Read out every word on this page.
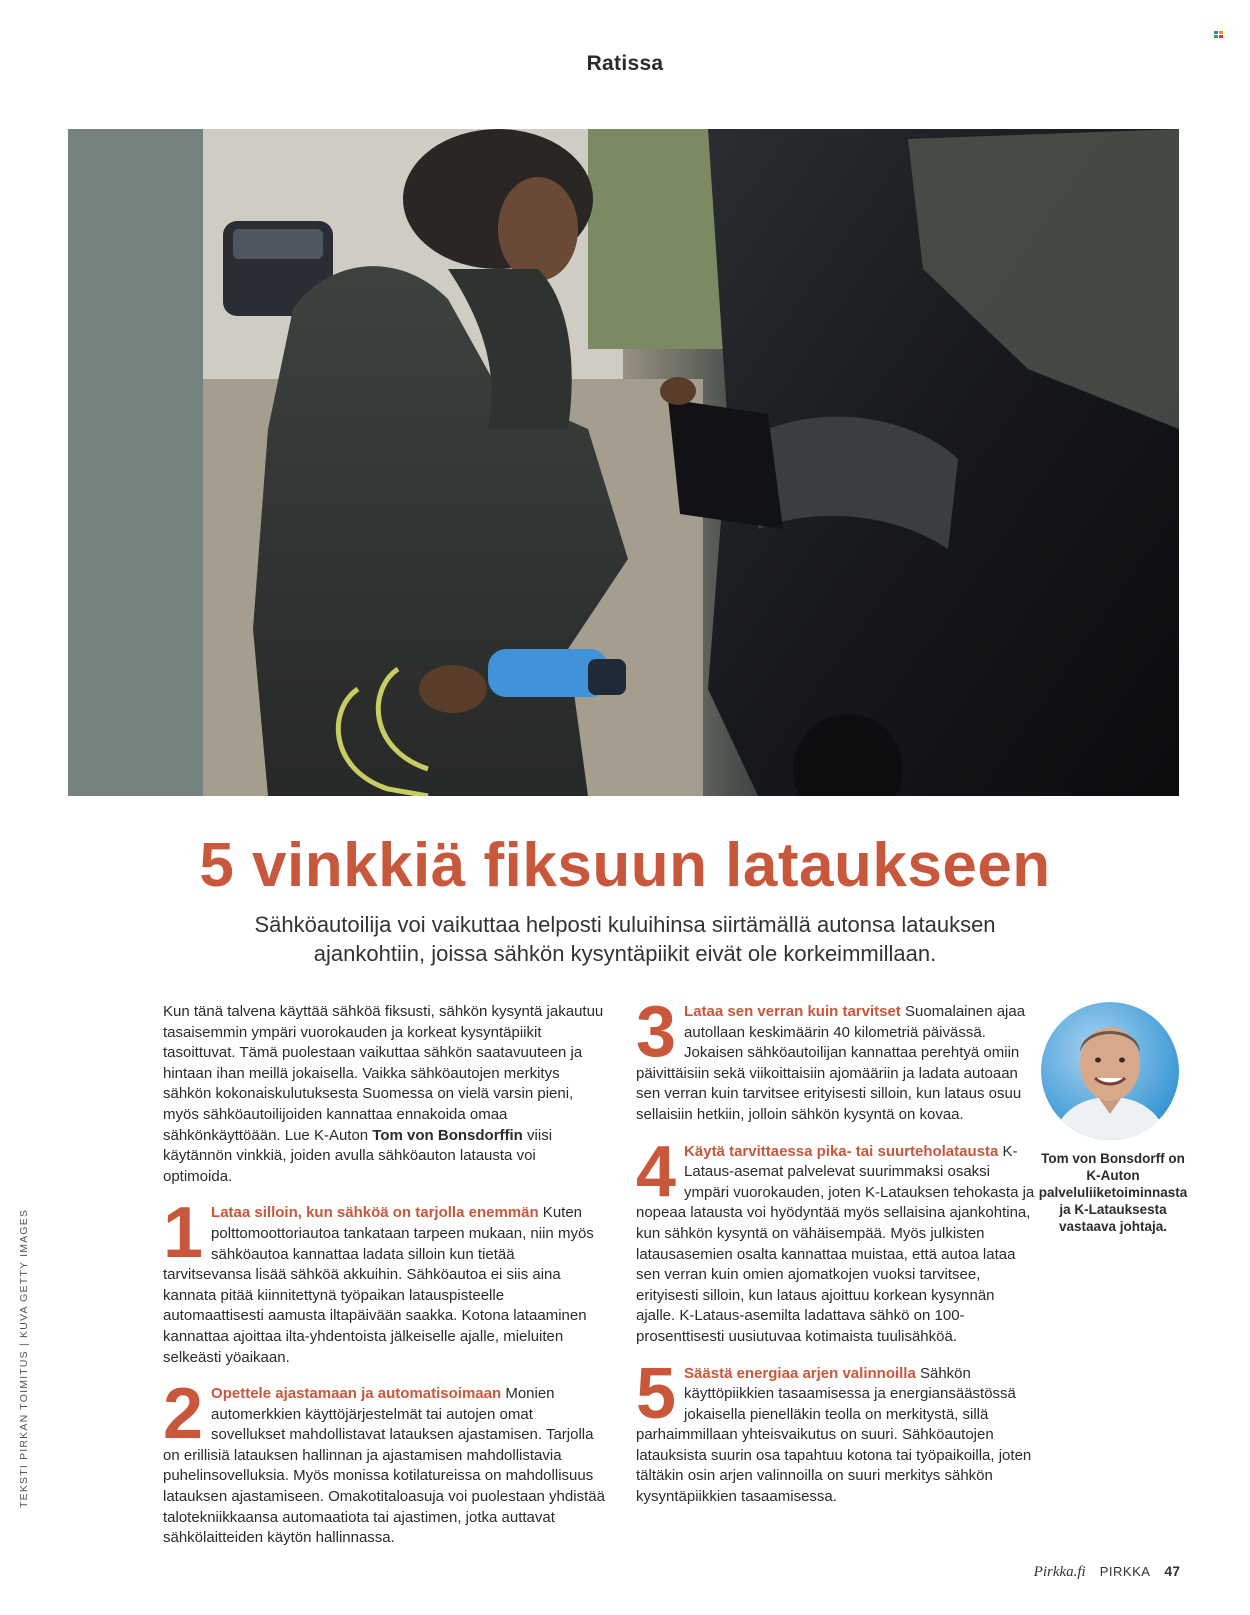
Ratissa
5 vinkkiä fiksuun lataukseen
Sähköautoilija voi vaikuttaa helposti kuluihinsa siirtämällä autonsa latauksen ajankohtiin, joissa sähkön kysyntäpiikit eivät ole korkeimmillaan.

Kun tänä talvena käyttää sähköä fiksusti, sähkön kysyntä jakautuu tasaisemmin ympäri vuorokauden ja korkeat kysyntäpiikit tasoittuvat. Tämä puolestaan vaikuttaa sähkön saatavuuteen ja hintaan ihan meillä jokaisella. Vaikka sähköautojen merkitys sähkön kokonaiskulutuksesta Suomessa on vielä varsin pieni, myös sähköautoilijoiden kannattaa ennakoida omaa sähkönkäyttöään. Lue K-Auton Tom von Bonsdorffin viisi käytännön vinkkiä, joiden avulla sähköauton latausta voi optimoida.

1 Lataa silloin, kun sähköä on tarjolla enemmän Kuten polttomoottoriautoa tankataan tarpeen mukaan, niin myös sähköautoa kannattaa ladata silloin kun tietää tarvitsevansa lisää sähköä akkuihin. Sähköautoa ei siis aina kannata pitää kiinnitettynä työpaikan latauspisteelle automaattisesti aamusta iltapäivään saakka. Kotona lataaminen kannattaa ajoittaa ilta-yhdentoista jälkeiselle ajalle, mieluiten selkeästi yöaikaan.
2 Opettele ajastamaan ja automatisoimaan Monien automerkkien käyttöjärjestelmät tai autojen omat sovellukset mahdollistavat latauksen ajastamisen. Tarjolla on erillisiä latauksen hallinnan ja ajastamisen mahdollistavia puhelinsovelluksia. Myös monissa kotilatureissa on mahdollisuus latauksen ajastamiseen. Omakotitaloasuja voi puolestaan yhdistää talotekniikkaansa automaatiota tai ajastimen, jotka auttavat sähkölaitteiden käytön hallinnassa.
3 Lataa sen verran kuin tarvitset Suomalainen ajaa autollaan keskimäärin 40 kilometriä päivässä. Jokaisen sähköautoilijan kannattaa perehtyä omiin päivittäisiin sekä viikoittaisiin ajomääriin ja ladata autoaan sen verran kuin tarvitsee erityisesti silloin, kun lataus osuu sellaisiin hetkiin, jolloin sähkön kysyntä on kovaa.
4 Käytä tarvittaessa pika- tai suurteholatausta K-Lataus-asemat palvelevat suurimmaksi osaksi ympäri vuorokauden, joten K-Latauksen tehokasta ja nopeaa latausta voi hyödyntää myös sellaisina ajankohtina, kun sähkön kysyntä on vähäisempää. Myös julkisten latausasemien osalta kannattaa muistaa, että autoa lataa sen verran kuin omien ajomatkojen vuoksi tarvitsee, erityisesti silloin, kun lataus ajoittuu korkean kysynnän ajalle. K-Lataus-asemilta ladattava sähkö on 100-prosenttisesti uusiutuvaa kotimaista tuulisähköä.
5 Säästä energiaa arjen valinnoilla Sähkön käyttöpiikkien tasaamisessa ja energiansäästössä jokaisella pienelläkin teolla on merkitystä, sillä parhaimmillaan yhteisvaikutus on suuri. Sähköautojen latauksista suurin osa tapahtuu kotona tai työpaikoilla, joten tältäkin osin arjen valinnoilla on suuri merkitys sähkön kysyntäpiikkien tasaamisessa.
Tom von Bonsdorff on K-Auton palveluliiketoiminnasta ja K-Latauksesta vastaava johtaja.
TEKSTI PIRKAN TOIMITUS | KUVA GETTY IMAGES
Pirkka.fi PIRKKA 47
